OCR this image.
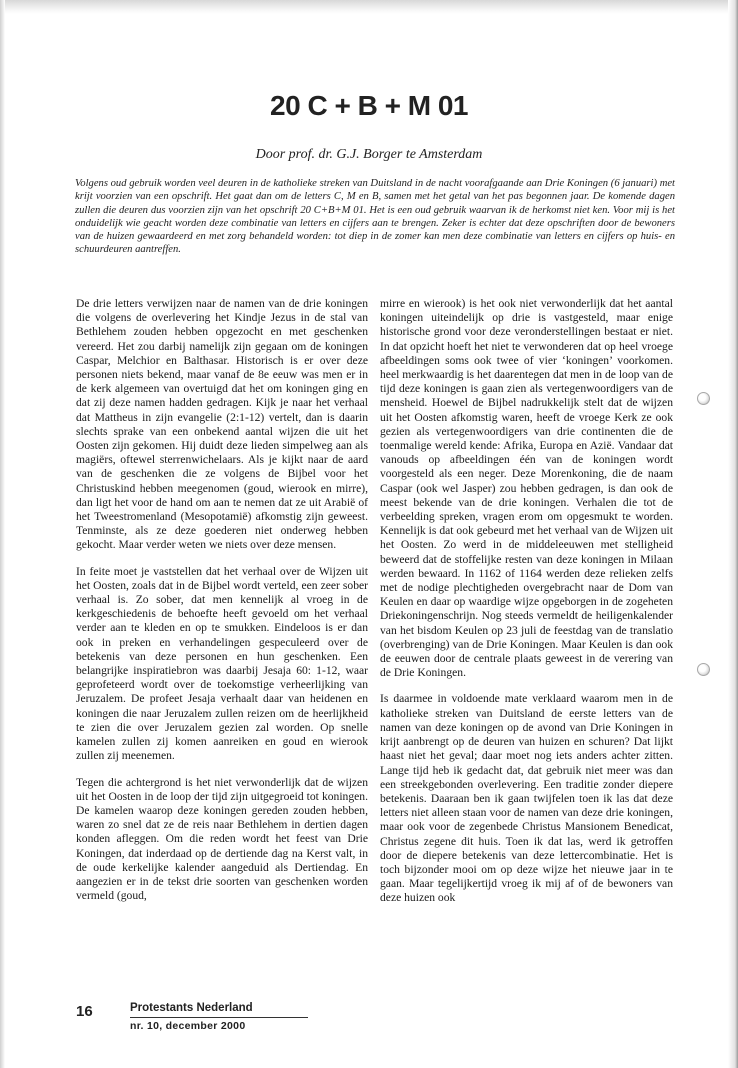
20 C + B + M 01

Door prof. dr. G.J. Borger te Amsterdam

Volgens oud gebruik worden veel deuren in de katholieke streken van Duitsland in de nacht voorafgaande aan Drie Koningen (6 januari) met krijt voorzien van een opschrift. Het gaat dan om de letters C, M en B, samen met het getal van het pas begonnen jaar. De komende dagen zullen die deuren dus voorzien zijn van het opschrift 20 C+B+M 01. Het is een oud gebruik waarvan ik de herkomst niet ken. Voor mij is het onduidelijk wie geacht worden deze combinatie van letters en cijfers aan te brengen. Zeker is echter dat deze opschriften door de bewoners van de huizen gewaardeerd en met zorg behandeld worden: tot diep in de zomer kan men deze combinatie van letters en cijfers op huis- en schuurdeuren aantreffen.

De drie letters verwijzen naar de namen van de drie koningen die volgens de overlevering het Kindje Jezus in de stal van Bethlehem zouden hebben opgezocht en met geschenken vereerd. Het zou darbij namelijk zijn gegaan om de koningen Caspar, Melchior en Balthasar. Historisch is er over deze personen niets bekend, maar vanaf de 8e eeuw was men er in de kerk algemeen van overtuigd dat het om koningen ging en dat zij deze namen hadden gedragen. Kijk je naar het verhaal dat Mattheus in zijn evangelie (2:1-12) vertelt, dan is daarin slechts sprake van een onbekend aantal wijzen die uit het Oosten zijn gekomen. Hij duidt deze lieden simpelweg aan als magiërs, oftewel sterrenwichelaars. Als je kijkt naar de aard van de geschenken die ze volgens de Bijbel voor het Christuskind hebben meegenomen (goud, wierook en mirre), dan ligt het voor de hand om aan te nemen dat ze uit Arabië of het Tweestromenland (Mesopotamië) afkomstig zijn geweest. Tenminste, als ze deze goederen niet onderweg hebben gekocht. Maar verder weten we niets over deze mensen.

In feite moet je vaststellen dat het verhaal over de Wijzen uit het Oosten, zoals dat in de Bijbel wordt verteld, een zeer sober verhaal is. Zo sober, dat men kennelijk al vroeg in de kerkgeschiedenis de behoefte heeft gevoeld om het verhaal verder aan te kleden en op te smukken. Eindeloos is er dan ook in preken en verhandelingen gespeculeerd over de betekenis van deze personen en hun geschenken. Een belangrijke inspiratiebron was daarbij Jesaja 60: 1-12, waar geprofeteerd wordt over de toekomstige verheerlijking van Jeruzalem. De profeet Jesaja verhaalt daar van heidenen en koningen die naar Jeruzalem zullen reizen om de heerlijkheid te zien die over Jeruzalem gezien zal worden. Op snelle kamelen zullen zij komen aanreiken en goud en wierook zullen zij meenemen.

Tegen die achtergrond is het niet verwonderlijk dat de wijzen uit het Oosten in de loop der tijd zijn uitgegroeid tot koningen. De kamelen waarop deze koningen gereden zouden hebben, waren zo snel dat ze de reis naar Bethlehem in dertien dagen konden afleggen. Om die reden wordt het feest van Drie Koningen, dat inderdaad op de dertiende dag na Kerst valt, in de oude kerkelijke kalender aangeduid als Dertiendag. En aangezien er in de tekst drie soorten van geschenken worden vermeld (goud,

mirre en wierook) is het ook niet verwonderlijk dat het aantal koningen uiteindelijk op drie is vastgesteld, maar enige historische grond voor deze veronderstellingen bestaat er niet. In dat opzicht hoeft het niet te verwonderen dat op heel vroege afbeeldingen soms ook twee of vier ‘koningen’ voorkomen. heel merkwaardig is het daarentegen dat men in de loop van de tijd deze koningen is gaan zien als vertegenwoordigers van de mensheid. Hoewel de Bijbel nadrukkelijk stelt dat de wijzen uit het Oosten afkomstig waren, heeft de vroege Kerk ze ook gezien als vertegenwoordigers van drie continenten die de toenmalige wereld kende: Afrika, Europa en Azië. Vandaar dat vanouds op afbeeldingen één van de koningen wordt voorgesteld als een neger. Deze Morenkoning, die de naam Caspar (ook wel Jasper) zou hebben gedragen, is dan ook de meest bekende van de drie koningen. Verhalen die tot de verbeelding spreken, vragen erom om opgesmukt te worden. Kennelijk is dat ook gebeurd met het verhaal van de Wijzen uit het Oosten. Zo werd in de middeleeuwen met stelligheid beweerd dat de stoffelijke resten van deze koningen in Milaan werden bewaard. In 1162 of 1164 werden deze relieken zelfs met de nodige plechtigheden overgebracht naar de Dom van Keulen en daar op waardige wijze opgeborgen in de zogeheten Driekoningenschrijn. Nog steeds vermeldt de heiligenkalender van het bisdom Keulen op 23 juli de feestdag van de translatio (overbrenging) van de Drie Koningen. Maar Keulen is dan ook de eeuwen door de centrale plaats geweest in de verering van de Drie Koningen.

Is daarmee in voldoende mate verklaard waarom men in de katholieke streken van Duitsland de eerste letters van de namen van deze koningen op de avond van Drie Koningen in krijt aanbrengt op de deuren van huizen en schuren? Dat lijkt haast niet het geval; daar moet nog iets anders achter zitten. Lange tijd heb ik gedacht dat, dat gebruik niet meer was dan een streekgebonden overlevering. Een traditie zonder diepere betekenis. Daaraan ben ik gaan twijfelen toen ik las dat deze letters niet alleen staan voor de namen van deze drie koningen, maar ook voor de zegenbede Christus Mansionem Benedicat, Christus zegene dit huis. Toen ik dat las, werd ik getroffen door de diepere betekenis van deze lettercombinatie. Het is toch bijzonder mooi om op deze wijze het nieuwe jaar in te gaan. Maar tegelijkertijd vroeg ik mij af of de bewoners van deze huizen ook

16	Protestants Nederland
nr. 10, december 2000
